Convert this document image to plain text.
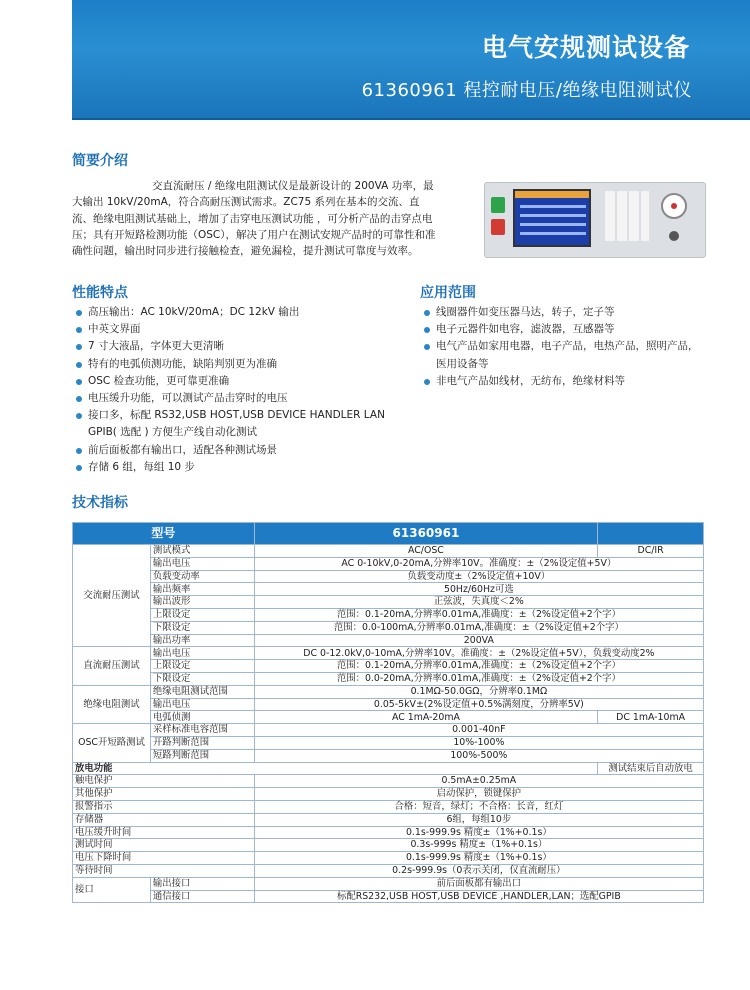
电气安规测试设备
61360961 程控耐电压/绝缘电阻测试仪
简要介绍

交直流耐压 / 绝缘电阻测试仪是最新设计的 200VA 功率，最大输出 10kV/20mA，符合高耐压测试需求。ZC75 系列在基本的交流、直流、绝缘电阻测试基础上，增加了击穿电压测试功能 ，可分析产品的击穿点电压；具有开短路检测功能（OSC），解决了用户在测试安规产品时的可靠性和准确性问题，输出时同步进行接触检查，避免漏检，提升测试可靠度与效率。

性能特点
高压输出：AC 10kV/20mA；DC 12kV 输出
中英文界面
7 寸大液晶，字体更大更清晰
特有的电弧侦测功能，缺陷判别更为准确
OSC 检查功能，更可靠更准确
电压缓升功能，可以测试产品击穿时的电压
接口多，标配 RS32,USB HOST,USB DEVICE HANDLER LAN
GPIB( 选配 ) 方便生产线自动化测试
前后面板都有输出口，适配各种测试场景
存储 6 组，每组 10 步
应用范围
线圈器件如变压器马达，转子，定子等
电子元器件如电容，滤波器，互感器等
电气产品如家用电器，电子产品，电热产品，照明产品，
医用设备等
非电气产品如线材，无纺布，绝缘材料等
技术指标
型号		61360961	
交流耐压测试	测试模式	AC/OSC	DC/IR
	输出电压	AC 0-10kV,0-20mA,分辨率10V。准确度：±（2%设定值+5V）	
	负载变动率	负载变动度±（2%设定值+10V）	
	输出频率	50Hz/60Hz可选	
	输出波形	正弦波，失真度＜2%	
	上限设定	范围：0.1-20mA,分辨率0.01mA,准确度：±（2%设定值+2个字）	
	下限设定	范围：0.0-100mA,分辨率0.01mA,准确度：±（2%设定值+2个字）	
	输出功率	200VA	
直流耐压测试	输出电压	DC 0-12.0kV,0-10mA,分辨率10V。准确度：±（2%设定值+5V），负载变动度2%	
	上限设定	范围：0.1-20mA,分辨率0.01mA,准确度：±（2%设定值+2个字）	
	下限设定	范围：0.0-20mA,分辨率0.01mA,准确度：±（2%设定值+2个字）	
绝缘电阻测试	绝缘电阻测试范围	0.1MΩ-50.0GΩ，分辨率0.1MΩ	
	输出电压	0.05-5kV±(2%设定值+0.5%满刻度，分辨率5V)	
	电弧侦测	AC 1mA-20mA	DC 1mA-10mA
OSC开短路测试	采样标准电容范围	0.001-40nF	
	开路判断范围	10%-100%	
	短路判断范围	100%-500%	
放电功能			测试结束后自动放电
触电保护		0.5mA±0.25mA	
其他保护		启动保护，锁键保护	
报警指示		合格：短音，绿灯；不合格：长音，红灯	
存储器		6组，每组10步	
电压缓升时间		0.1s-999.9s 精度±（1%+0.1s）	
测试时间		0.3s-999s 精度±（1%+0.1s）	
电压下降时间		0.1s-999.9s 精度±（1%+0.1s）	
等待时间		0.2s-999.9s（0表示关闭，仅直流耐压）	
接口	输出接口	前后面板都有输出口	
	通信接口	标配RS232,USB HOST,USB DEVICE ,HANDLER,LAN；选配GPIB	
